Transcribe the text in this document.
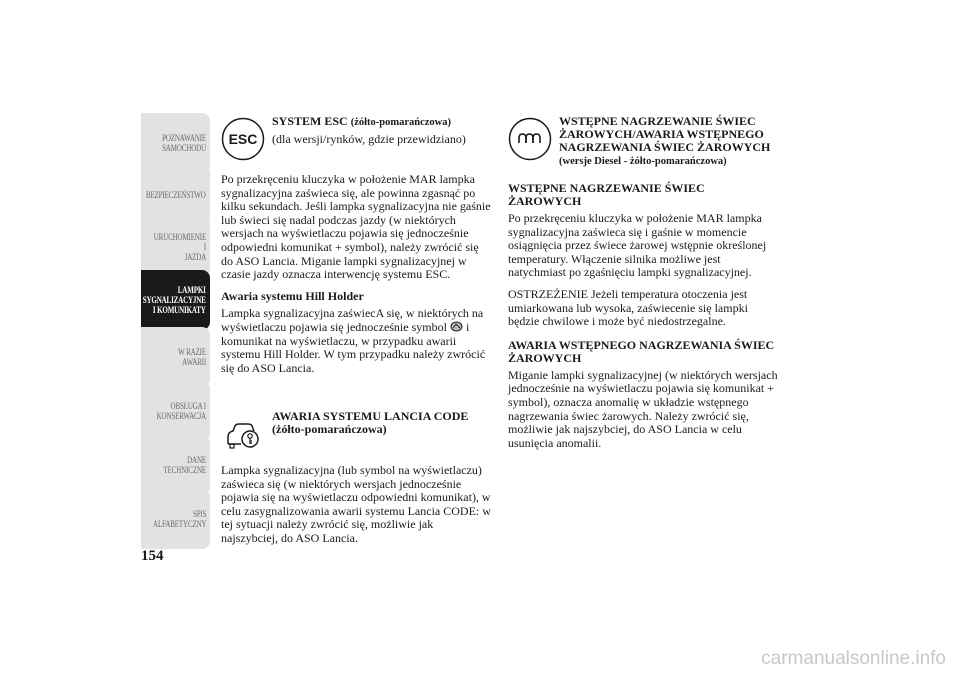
POZNAWANIE
SAMOCHODU
BEZPIECZEŃSTWO
URUCHOMIENIE I
JAZDA
LAMPKI
SYGNALIZACYJNE
I KOMUNIKATY
W RAZIE AWARII
OBSŁUGA I
KONSERWACJA
DANE
TECHNICZNE
SPIS
ALFABETYCZNY
154
ESC
SYSTEM ESC (żółto-pomarańczowa)
(dla wersji/rynków, gdzie przewidziano)

Po przekręceniu kluczyka w położenie MAR lampka sygnalizacyjna zaświeca się, ale powinna zgasnąć po kilku sekundach. Jeśli lampka sygnalizacyjna nie gaśnie lub świeci się nadal podczas jazdy (w niektórych wersjach na wyświetlaczu pojawia się jednocześnie odpowiedni komunikat + symbol), należy zwrócić się do ASO Lancia. Miganie lampki sygnalizacyjnej w czasie jazdy oznacza interwencję systemu ESC.

Awaria systemu Hill Holder

Lampka sygnalizacyjna zaświecA się, w niektórych na wyświetlaczu pojawia się jednocześnie symbol i komunikat na wyświetlaczu, w przypadku awarii systemu Hill Holder. W tym przypadku należy zwrócić się do ASO Lancia.

AWARIA SYSTEMU LANCIA CODE
(żółto-pomarańczowa)

Lampka sygnalizacyjna (lub symbol na wyświetlaczu) zaświeca się (w niektórych wersjach jednocześnie pojawia się na wyświetlaczu odpowiedni komunikat), w celu zasygnalizowania awarii systemu Lancia CODE: w tej sytuacji należy zwrócić się, możliwie jak najszybciej, do ASO Lancia.

WSTĘPNE NAGRZEWANIE ŚWIEC ŻAROWYCH/AWARIA WSTĘPNEGO NAGRZEWANIA ŚWIEC ŻAROWYCH (wersje Diesel - żółto-pomarańczowa)
WSTĘPNE NAGRZEWANIE ŚWIEC ŻAROWYCH

Po przekręceniu kluczyka w położenie MAR lampka sygnalizacyjna zaświeca się i gaśnie w momencie osiągnięcia przez świece żarowej wstępnie określonej temperatury. Włączenie silnika możliwe jest natychmiast po zgaśnięciu lampki sygnalizacyjnej.

OSTRZEŻENIE Jeżeli temperatura otoczenia jest umiarkowana lub wysoka, zaświecenie się lampki będzie chwilowe i może być niedostrzegalne.

AWARIA WSTĘPNEGO NAGRZEWANIA ŚWIEC ŻAROWYCH

Miganie lampki sygnalizacyjnej (w niektórych wersjach jednocześnie na wyświetlaczu pojawia się komunikat + symbol), oznacza anomalię w układzie wstępnego nagrzewania świec żarowych. Należy zwrócić się, możliwie jak najszybciej, do ASO Lancia w celu usunięcia anomalii.

carmanualsonline.info
